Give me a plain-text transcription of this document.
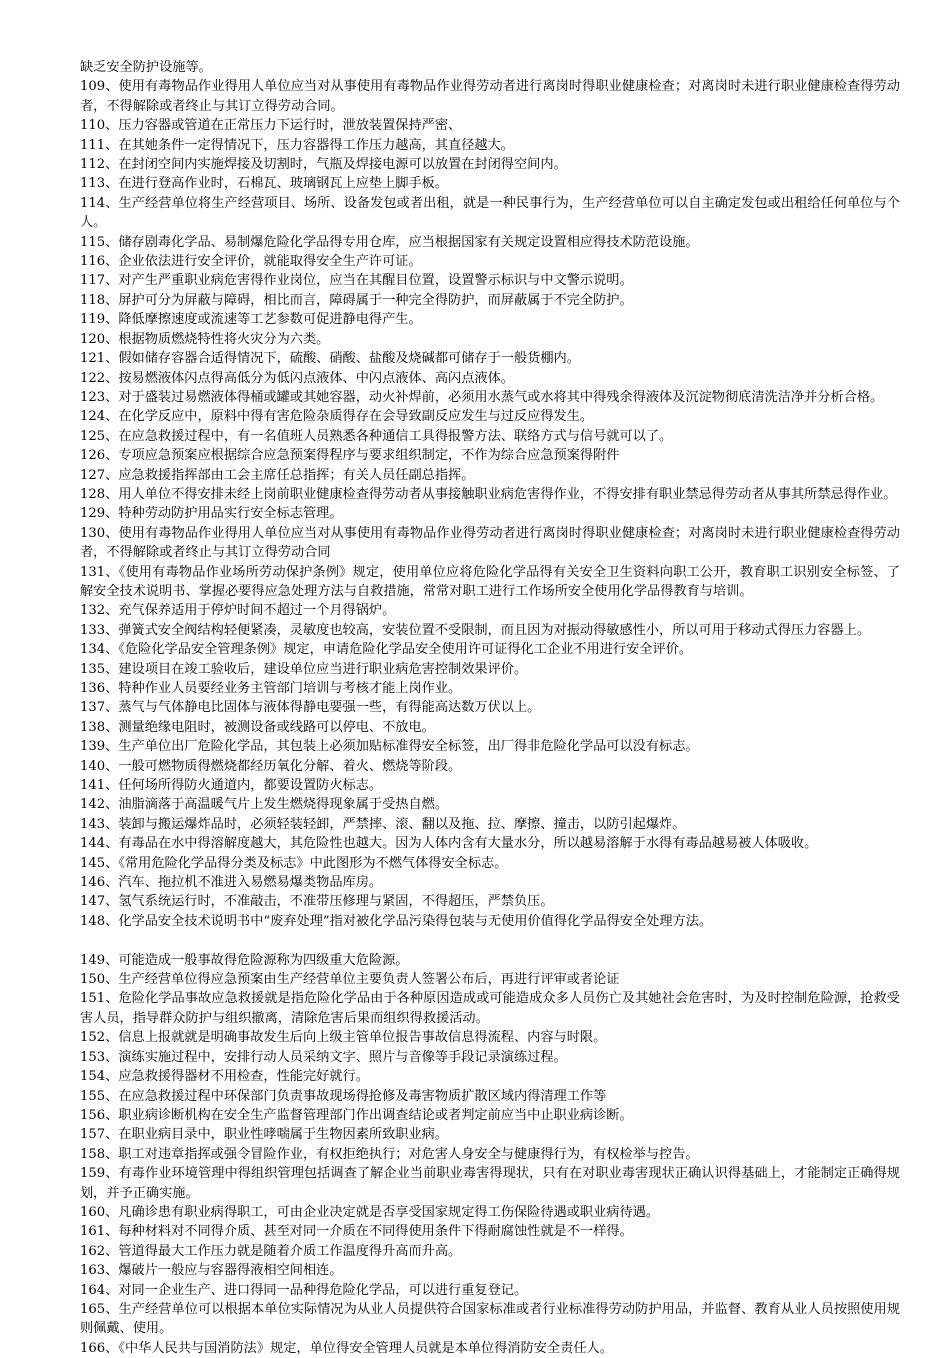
缺乏安全防护设施等。

109、使用有毒物品作业得用人单位应当对从事使用有毒物品作业得劳动者进行离岗时得职业健康检查；对离岗时未进行职业健康检查得劳动者，不得解除或者终止与其订立得劳动合同。

110、压力容器或管道在正常压力下运行时，泄放装置保持严密、

111、在其她条件一定得情况下，压力容器得工作压力越高，其直径越大。

112、在封闭空间内实施焊接及切割时，气瓶及焊接电源可以放置在封闭得空间内。

113、在进行登高作业时，石棉瓦、玻璃钢瓦上应垫上脚手板。

114、生产经营单位将生产经营项目、场所、设备发包或者出租，就是一种民事行为，生产经营单位可以自主确定发包或出租给任何单位与个人。

115、储存剧毒化学品、易制爆危险化学品得专用仓库，应当根据国家有关规定设置相应得技术防范设施。

116、企业依法进行安全评价，就能取得安全生产许可证。

117、对产生严重职业病危害得作业岗位，应当在其醒目位置，设置警示标识与中文警示说明。

118、屏护可分为屏蔽与障碍，相比而言，障碍属于一种完全得防护，而屏蔽属于不完全防护。

119、降低摩擦速度或流速等工艺参数可促进静电得产生。

120、根据物质燃烧特性将火灾分为六类。

121、假如储存容器合适得情况下，硫酸、硝酸、盐酸及烧碱都可储存于一般货棚内。

122、按易燃液体闪点得高低分为低闪点液体、中闪点液体、高闪点液体。

123、对于盛装过易燃液体得桶或罐或其她容器，动火补焊前，必须用水蒸气或水将其中得残余得液体及沉淀物彻底清洗洁净并分析合格。

124、在化学反应中，原料中得有害危险杂质得存在会导致副反应发生与过反应得发生。

125、在应急救援过程中，有一名值班人员熟悉各种通信工具得报警方法、联络方式与信号就可以了。

126、专项应急预案应根据综合应急预案得程序与要求组织制定，不作为综合应急预案得附件

127、应急救援指挥部由工会主席任总指挥；有关人员任副总指挥。

128、用人单位不得安排未经上岗前职业健康检查得劳动者从事接触职业病危害得作业，不得安排有职业禁忌得劳动者从事其所禁忌得作业。

129、特种劳动防护用品实行安全标志管理。

130、使用有毒物品作业得用人单位应当对从事使用有毒物品作业得劳动者进行离岗时得职业健康检查；对离岗时未进行职业健康检查得劳动者，不得解除或者终止与其订立得劳动合同

131、《使用有毒物品作业场所劳动保护条例》规定，使用单位应将危险化学品得有关安全卫生资料向职工公开，教育职工识别安全标签、了解安全技术说明书、掌握必要得应急处理方法与自救措施，常常对职工进行工作场所安全使用化学品得教育与培训。

132、充气保养适用于停炉时间不超过一个月得锅炉。

133、弹簧式安全阀结构轻便紧凑，灵敏度也较高，安装位置不受限制，而且因为对振动得敏感性小，所以可用于移动式得压力容器上。

134、《危险化学品安全管理条例》规定，申请危险化学品安全使用许可证得化工企业不用进行安全评价。

135、建设项目在竣工验收后，建设单位应当进行职业病危害控制效果评价。

136、特种作业人员要经业务主管部门培训与考核才能上岗作业。

137、蒸气与气体静电比固体与液体得静电要强一些，有得能高达数万伏以上。

138、测量绝缘电阻时，被测设备或线路可以停电、不放电。

139、生产单位出厂危险化学品，其包装上必须加贴标准得安全标签，出厂得非危险化学品可以没有标志。

140、一般可燃物质得燃烧都经历氧化分解、着火、燃烧等阶段。

141、任何场所得防火通道内，都要设置防火标志。

142、油脂滴落于高温暖气片上发生燃烧得现象属于受热自燃。

143、装卸与搬运爆炸品时，必须轻装轻卸，严禁摔、滚、翻以及拖、拉、摩擦、撞击，以防引起爆炸。

144、有毒品在水中得溶解度越大，其危险性也越大。因为人体内含有大量水分，所以越易溶解于水得有毒品越易被人体吸收。

145、《常用危险化学品得分类及标志》中此图形为不燃气体得安全标志。

146、汽车、拖拉机不准进入易燃易爆类物品库房。

147、氢气系统运行时，不准敲击，不准带压修理与紧固，不得超压，严禁负压。

148、化学品安全技术说明书中“废弃处理”指对被化学品污染得包装与无使用价值得化学品得安全处理方法。

149、可能造成一般事故得危险源称为四级重大危险源。

150、生产经营单位得应急预案由生产经营单位主要负责人签署公布后，再进行评审或者论证

151、危险化学品事故应急救援就是指危险化学品由于各种原因造成或可能造成众多人员伤亡及其她社会危害时，为及时控制危险源，抢救受害人员，指导群众防护与组织撤离，清除危害后果而组织得救援活动。

152、信息上报就就是明确事故发生后向上级主管单位报告事故信息得流程、内容与时限。

153、演练实施过程中，安排行动人员采纳文字、照片与音像等手段记录演练过程。

154、应急救援得器材不用检查，性能完好就行。

155、在应急救援过程中环保部门负责事故现场得抢修及毒害物质扩散区域内得清理工作等

156、职业病诊断机构在安全生产监督管理部门作出调查结论或者判定前应当中止职业病诊断。

157、在职业病目录中，职业性哮喘属于生物因素所致职业病。

158、职工对违章指挥或强令冒险作业，有权拒绝执行；对危害人身安全与健康得行为，有权检举与控告。

159、有毒作业环境管理中得组织管理包括调查了解企业当前职业毒害得现状，只有在对职业毒害现状正确认识得基础上，才能制定正确得规划，并予正确实施。

160、凡确诊患有职业病得职工，可由企业决定就是否享受国家规定得工伤保险待遇或职业病待遇。

161、每种材料对不同得介质、甚至对同一介质在不同得使用条件下得耐腐蚀性就是不一样得。

162、管道得最大工作压力就是随着介质工作温度得升高而升高。

163、爆破片一般应与容器得液相空间相连。

164、对同一企业生产、进口得同一品种得危险化学品，可以进行重复登记。

165、生产经营单位可以根据本单位实际情况为从业人员提供符合国家标准或者行业标准得劳动防护用品，并监督、教育从业人员按照使用规则佩戴、使用。

166、《中华人民共与国消防法》规定，单位得安全管理人员就是本单位得消防安全责任人。
